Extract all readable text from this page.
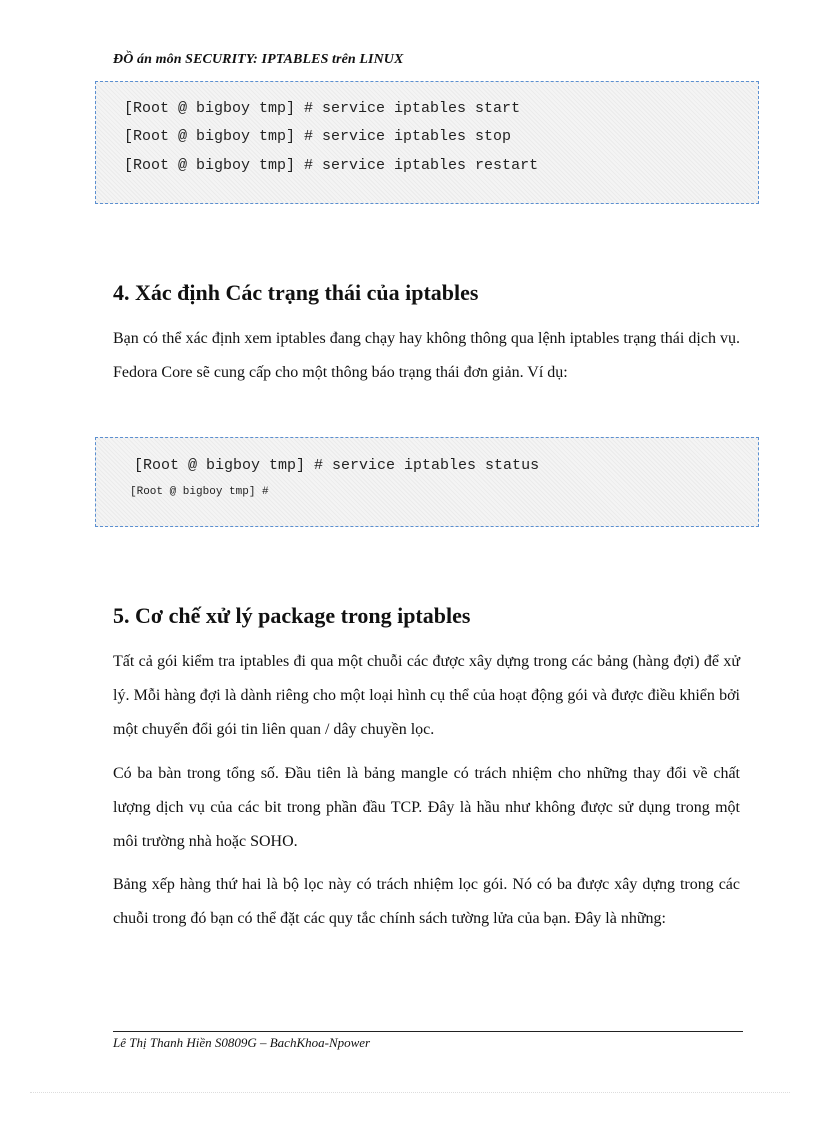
ĐỒ án môn SECURITY: IPTABLES trên LINUX
[Root @ bigboy tmp] # service iptables start
[Root @ bigboy tmp] # service iptables stop
[Root @ bigboy tmp] # service iptables restart
4. Xác định Các trạng thái của iptables

Bạn có thể xác định xem iptables đang chạy hay không thông qua lệnh iptables trạng thái dịch vụ. Fedora Core sẽ cung cấp cho một thông báo trạng thái đơn giản. Ví dụ:

[Root @ bigboy tmp] # service iptables status
[Root @ bigboy tmp] #
5. Cơ chế xử lý package trong iptables

Tất cả gói kiểm tra iptables đi qua một chuỗi các được xây dựng trong các bảng (hàng đợi) để xử lý. Mỗi hàng đợi là dành riêng cho một loại hình cụ thể của hoạt động gói và được điều khiển bởi một chuyển đổi gói tin liên quan / dây chuyền lọc.

Có ba bàn trong tổng số. Đầu tiên là bảng mangle có trách nhiệm cho những thay đổi về chất lượng dịch vụ của các bit trong phần đầu TCP. Đây là hầu như không được sử dụng trong một môi trường nhà hoặc SOHO.

Bảng xếp hàng thứ hai là bộ lọc này có trách nhiệm lọc gói. Nó có ba được xây dựng trong các chuỗi trong đó bạn có thể đặt các quy tắc chính sách tường lửa của bạn. Đây là những:

Lê Thị Thanh Hiền S0809G – BachKhoa-Npower
